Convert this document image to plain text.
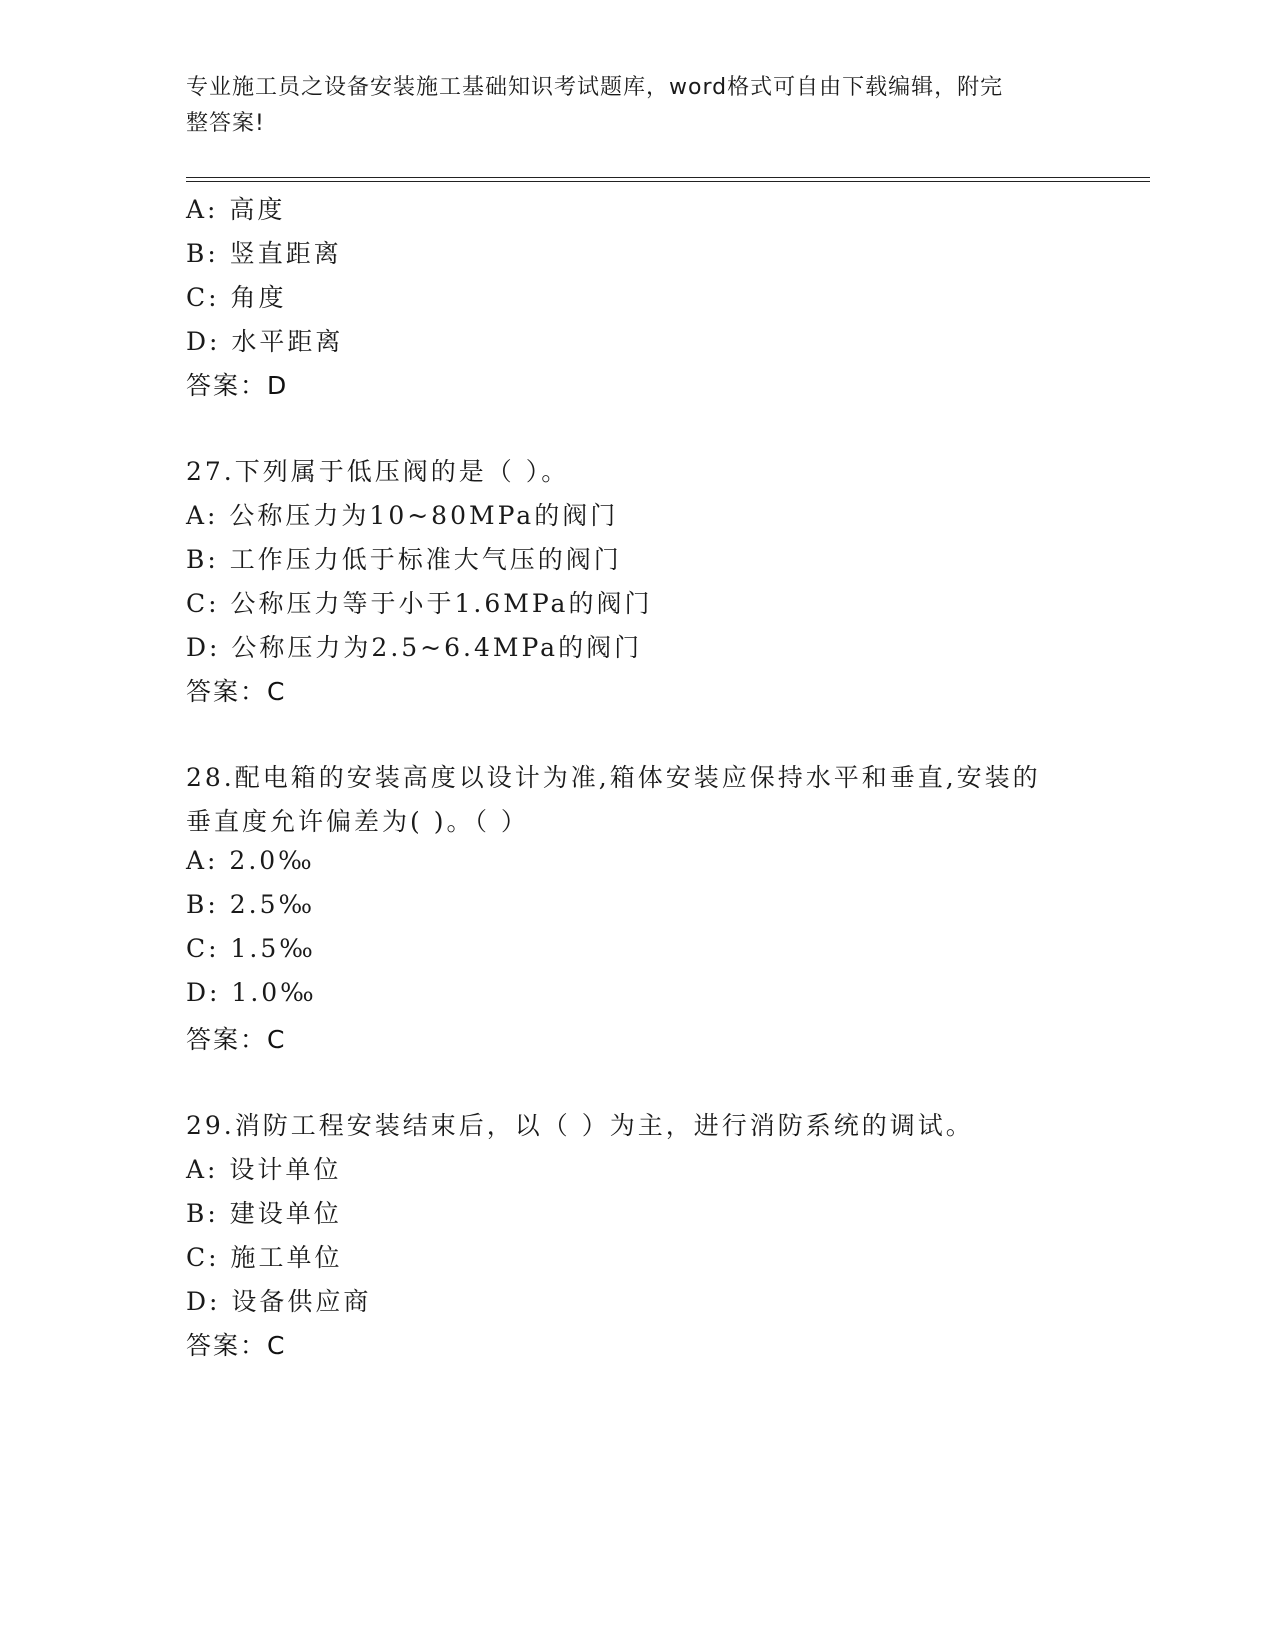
专业施工员之设备安装施工基础知识考试题库，word格式可自由下载编辑，附完
整答案!
A: 高度
B: 竖直距离
C: 角度
D: 水平距离
答案：D
27.下列属于低压阀的是（ ）。
A: 公称压力为10~80MPa的阀门
B: 工作压力低于标准大气压的阀门
C: 公称压力等于小于1.6MPa的阀门
D: 公称压力为2.5~6.4MPa的阀门
答案：C
28.配电箱的安装高度以设计为准,箱体安装应保持水平和垂直,安装的
垂直度允许偏差为( )。（ ）
A: 2.0‰
B: 2.5‰
C: 1.5‰
D: 1.0‰
答案：C
29.消防工程安装结束后，以（ ）为主，进行消防系统的调试。
A: 设计单位
B: 建设单位
C: 施工单位
D: 设备供应商
答案：C
